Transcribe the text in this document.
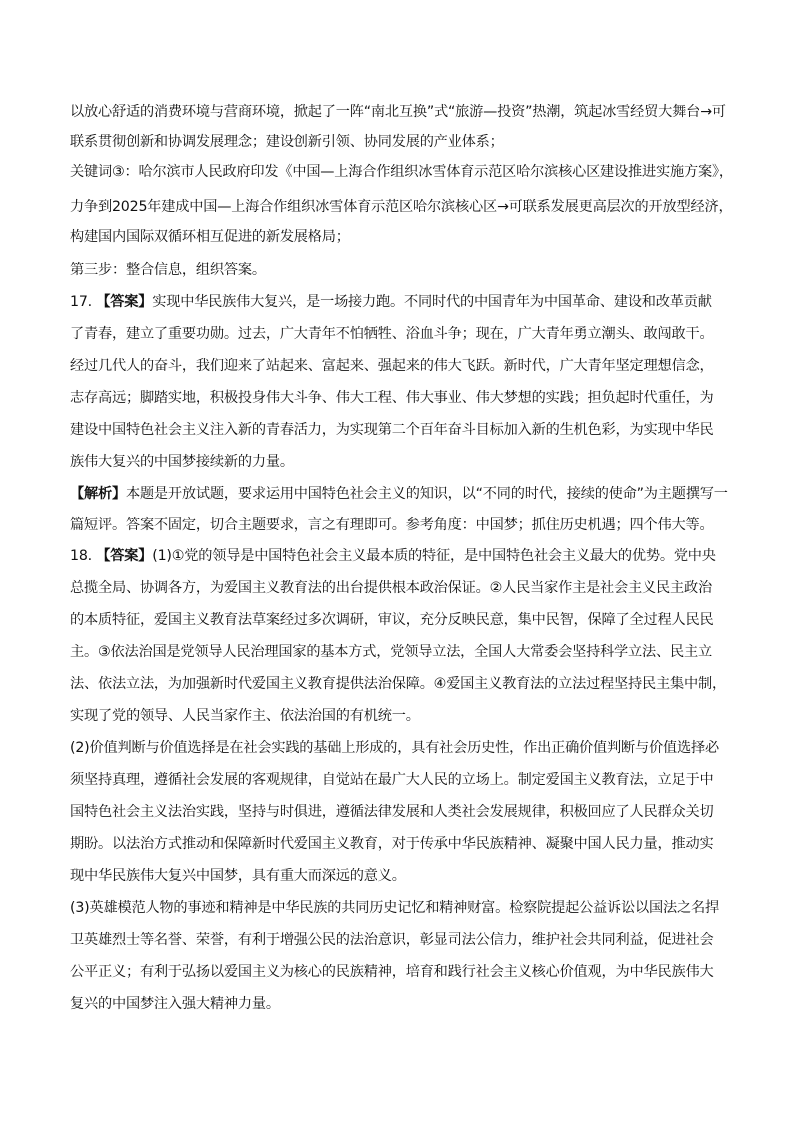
以放心舒适的消费环境与营商环境，掀起了一阵“南北互换”式“旅游—投资”热潮，筑起冰雪经贸大舞台→可
联系贯彻创新和协调发展理念；建设创新引领、协同发展的产业体系；
关键词③：哈尔滨市人民政府印发《中国—上海合作组织冰雪体育示范区哈尔滨核心区建设推进实施方案》，
力争到2025年建成中国—上海合作组织冰雪体育示范区哈尔滨核心区→可联系发展更高层次的开放型经济，
构建国内国际双循环相互促进的新发展格局；
第三步：整合信息，组织答案。
17. 【答案】实现中华民族伟大复兴，是一场接力跑。不同时代的中国青年为中国革命、建设和改革贡献
了青春，建立了重要功勋。过去，广大青年不怕牺牲、浴血斗争；现在，广大青年勇立潮头、敢闯敢干。
经过几代人的奋斗，我们迎来了站起来、富起来、强起来的伟大飞跃。新时代，广大青年坚定理想信念，
志存高远；脚踏实地，积极投身伟大斗争、伟大工程、伟大事业、伟大梦想的实践；担负起时代重任，为
建设中国特色社会主义注入新的青春活力，为实现第二个百年奋斗目标加入新的生机色彩，为实现中华民
族伟大复兴的中国梦接续新的力量。
【解析】本题是开放试题，要求运用中国特色社会主义的知识，以“不同的时代，接续的使命”为主题撰写一
篇短评。答案不固定，切合主题要求，言之有理即可。参考角度：中国梦；抓住历史机遇；四个伟大等。
18. 【答案】(1)①党的领导是中国特色社会主义最本质的特征，是中国特色社会主义最大的优势。党中央
总揽全局、协调各方，为爱国主义教育法的出台提供根本政治保证。②人民当家作主是社会主义民主政治
的本质特征，爱国主义教育法草案经过多次调研，审议，充分反映民意，集中民智，保障了全过程人民民
主。③依法治国是党领导人民治理国家的基本方式，党领导立法，全国人大常委会坚持科学立法、民主立
法、依法立法，为加强新时代爱国主义教育提供法治保障。④爱国主义教育法的立法过程坚持民主集中制，
实现了党的领导、人民当家作主、依法治国的有机统一。
(2)价值判断与价值选择是在社会实践的基础上形成的，具有社会历史性，作出正确价值判断与价值选择必
须坚持真理，遵循社会发展的客观规律，自觉站在最广大人民的立场上。制定爱国主义教育法，立足于中
国特色社会主义法治实践，坚持与时俱进，遵循法律发展和人类社会发展规律，积极回应了人民群众关切
期盼。以法治方式推动和保障新时代爱国主义教育，对于传承中华民族精神、凝聚中国人民力量，推动实
现中华民族伟大复兴中国梦，具有重大而深远的意义。
(3)英雄模范人物的事迹和精神是中华民族的共同历史记忆和精神财富。检察院提起公益诉讼以国法之名捍
卫英雄烈士等名誉、荣誉，有利于增强公民的法治意识，彰显司法公信力，维护社会共同利益，促进社会
公平正义；有利于弘扬以爱国主义为核心的民族精神，培育和践行社会主义核心价值观，为中华民族伟大
复兴的中国梦注入强大精神力量。
